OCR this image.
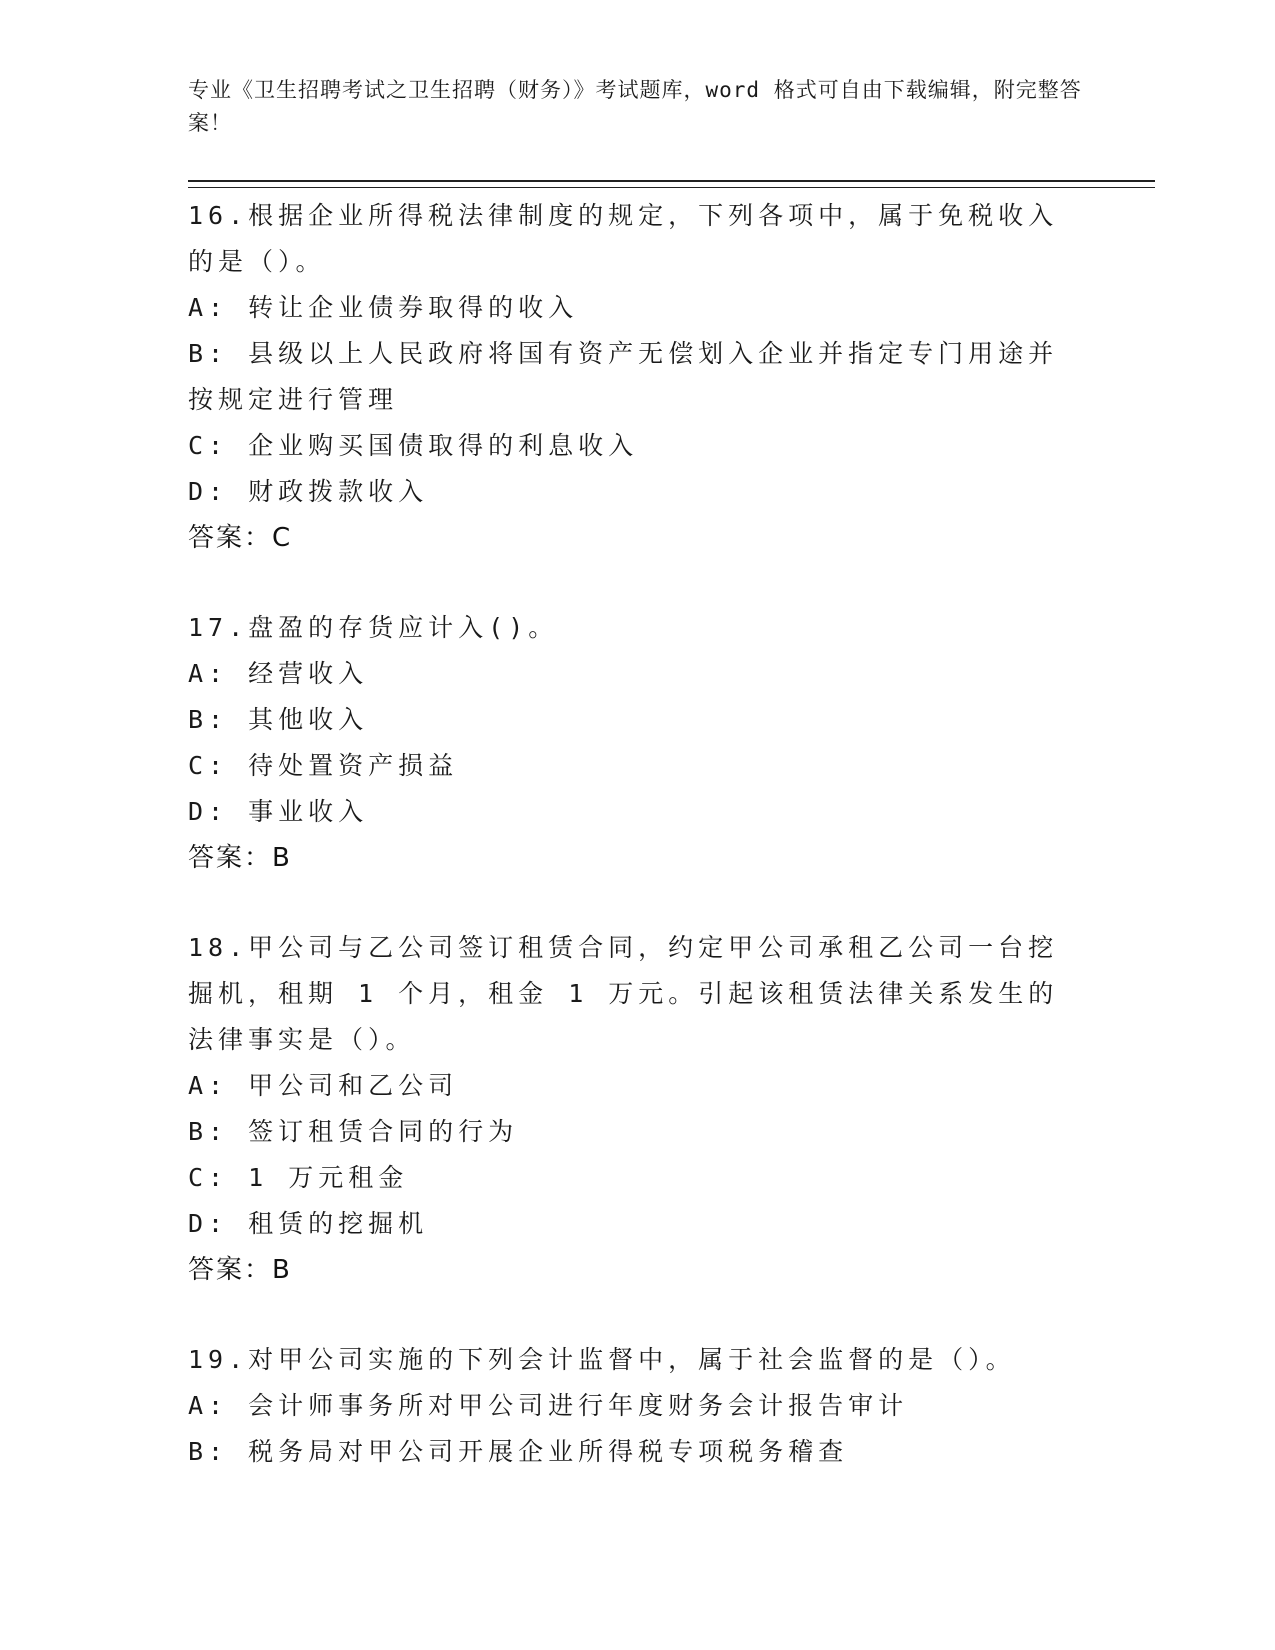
专业《卫生招聘考试之卫生招聘（财务）》考试题库，word 格式可自由下载编辑，附完整答案！

16.根据企业所得税法律制度的规定，下列各项中，属于免税收入的是（）。

A: 转让企业债券取得的收入

B: 县级以上人民政府将国有资产无偿划入企业并指定专门用途并按规定进行管理

C: 企业购买国债取得的利息收入

D: 财政拨款收入

答案：C

17.盘盈的存货应计入()。

A: 经营收入

B: 其他收入

C: 待处置资产损益

D: 事业收入

答案：B

18.甲公司与乙公司签订租赁合同，约定甲公司承租乙公司一台挖掘机，租期 1 个月，租金 1 万元。引起该租赁法律关系发生的法律事实是（）。

A: 甲公司和乙公司

B: 签订租赁合同的行为

C: 1 万元租金

D: 租赁的挖掘机

答案：B

19.对甲公司实施的下列会计监督中，属于社会监督的是（）。

A: 会计师事务所对甲公司进行年度财务会计报告审计

B: 税务局对甲公司开展企业所得税专项税务稽查
